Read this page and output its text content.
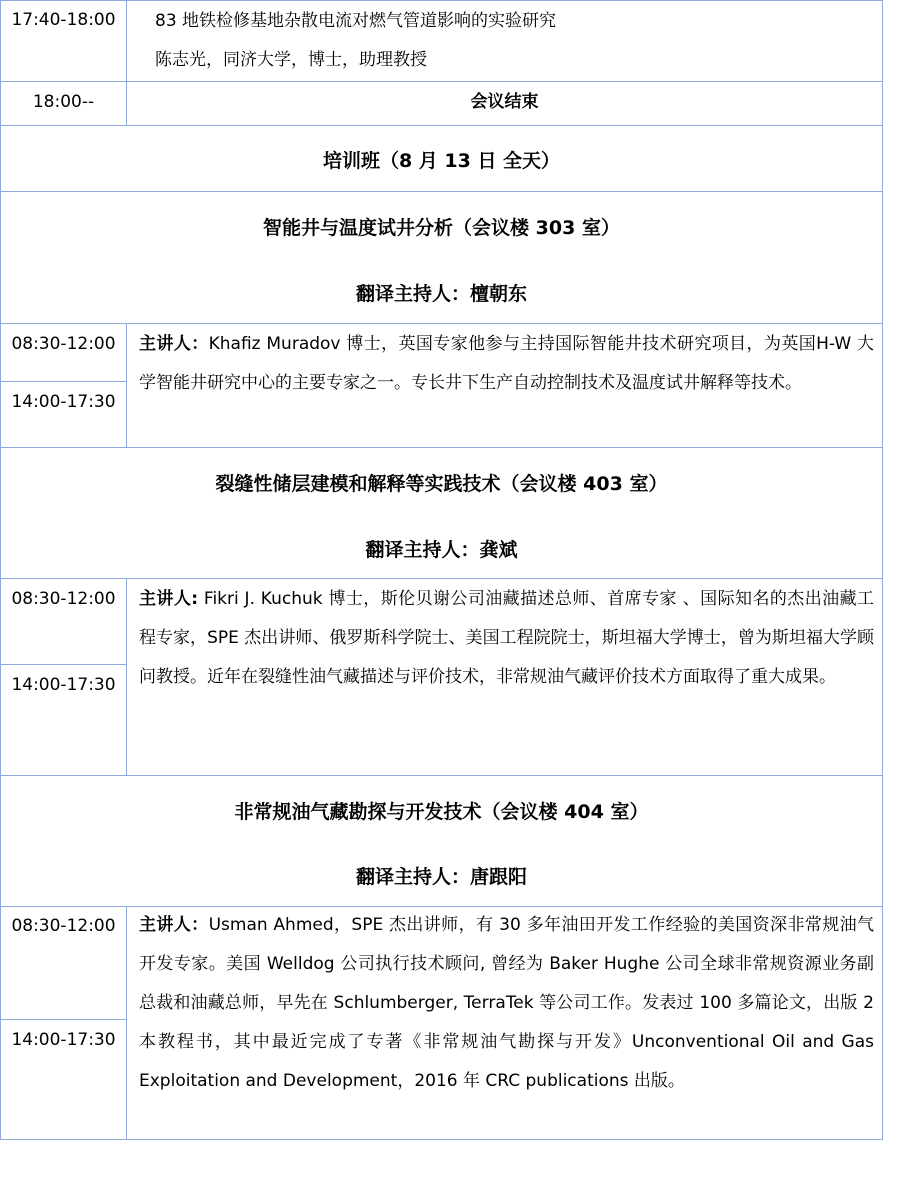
17:40-18:00	83 地铁检修基地杂散电流对燃气管道影响的实验研究
陈志光，同济大学，博士，助理教授
18:00--	会议结束
培训班（8 月 13 日 全天）
智能井与温度试井分析（会议楼 303 室）
翻译主持人：檀朝东
08:30-12:00
14:00-17:30
主讲人：Khafiz Muradov 博士，英国专家他参与主持国际智能井技术研究项目，为英国H-W 大学智能井研究中心的主要专家之一。专长井下生产自动控制技术及温度试井解释等技术。
裂缝性储层建模和解释等实践技术（会议楼 403 室）
翻译主持人：龚斌
08:30-12:00
14:00-17:30
主讲人: Fikri J. Kuchuk 博士，斯伦贝谢公司油藏描述总师、首席专家 、国际知名的杰出油藏工程专家，SPE 杰出讲师、俄罗斯科学院士、美国工程院院士，斯坦福大学博士，曾为斯坦福大学顾问教授。近年在裂缝性油气藏描述与评价技术，非常规油气藏评价技术方面取得了重大成果。
非常规油气藏勘探与开发技术（会议楼 404 室）
翻译主持人：唐跟阳
08:30-12:00
14:00-17:30
主讲人：Usman Ahmed，SPE 杰出讲师，有 30 多年油田开发工作经验的美国资深非常规油气开发专家。美国 Welldog 公司执行技术顾问, 曾经为 Baker Hughe 公司全球非常规资源业务副总裁和油藏总师，早先在 Schlumberger, TerraTek 等公司工作。发表过 100 多篇论文，出版 2 本教程书，其中最近完成了专著《非常规油气勘探与开发》Unconventional Oil and Gas Exploitation and Development，2016 年 CRC publications 出版。
